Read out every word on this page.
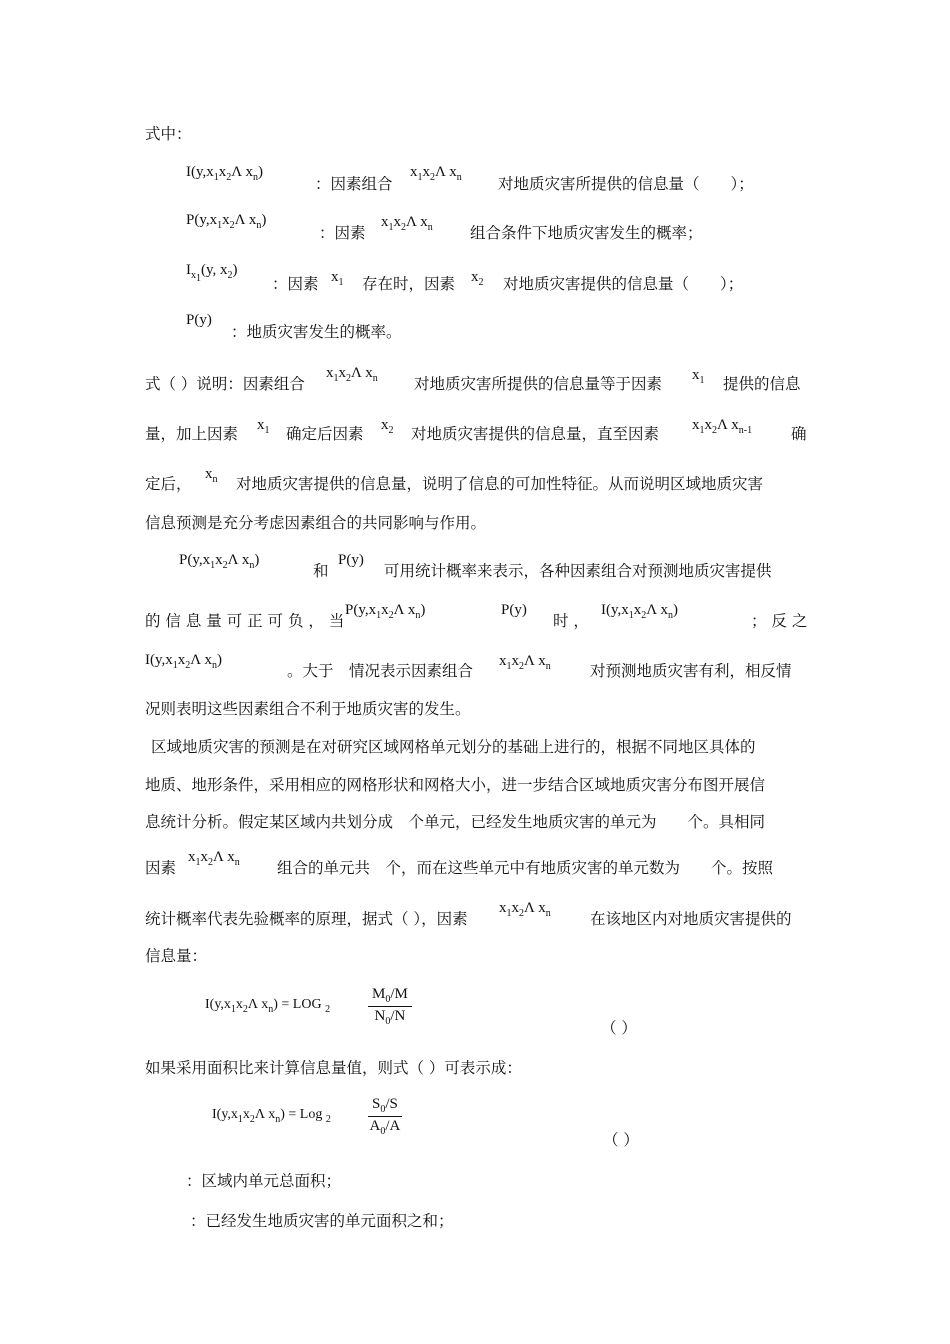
式中：
$I(y,x_1x_2\Lambda$ $x_n$)
：因素组合
$x_1x_2\Lambda$ $x_n$ 对地质灾害所提供的信息量（　　）；
$P(y,x_1x_2\Lambda$ $x_n$)
：因素
$x_1x_2\Lambda$ $x_n$ 组合条件下地质灾害发生的概率；
$I_{x_1}(y$, $x_2$)
：因素 $x_1$ 存在时，因素 $x_2$ 对地质灾害提供的信息量（　　）；
P(y)
：地质灾害发生的概率。
式（ ）说明：因素组合
$x_1x_2\Lambda$ $x_n$ 对地质灾害所提供的信息量等于因素 $x_1$ 提供的信息
量，加上因素 $x_1$ 确定后因素 $x_2$ 对地质灾害提供的信息量，直至因素 $x_1x_2\Lambda$ $x_{n-1}$	确
定后，
$x_n$ 对地质灾害提供的信息量，说明了信息的可加性特征。从而说明区域地质灾害
信息预测是充分考虑因素组合的共同影响与作用。
$P(y,x_1x_2\Lambda$ $x_n$)
和
P(y)
可用统计概率来表示，各种因素组合对预测地质灾害提供
的 信 息 量 可 正 可 负 ， 当
$P(y,x_1x_2\Lambda$ $x_n$)	P(y)
时 ，
$I(y,x_1x_2\Lambda$ $x_n$)
； 反 之
$I(y,x_1x_2\Lambda$ $x_n$)
。大于　情况表示因素组合
$x_1x_2\Lambda$ $x_n$	对预测地质灾害有利，相反情
况则表明这些因素组合不利于地质灾害的发生。
区域地质灾害的预测是在对研究区域网格单元划分的基础上进行的，根据不同地区具体的
地质、地形条件，采用相应的网格形状和网格大小，进一步结合区域地质灾害分布图开展信
息统计分析。假定某区域内共划分成　个单元，已经发生地质灾害的单元为　　个。具相同
因素
$x_1x_2\Lambda$ $x_n$ 组合的单元共　个，而在这些单元中有地质灾害的单元数为　　个。按照
统计概率代表先验概率的原理，据式（ ），因素
$x_1x_2\Lambda$ $x_n$	在该地区内对地质灾害提供的
信息量：
$I(y,x_1x_2\Lambda$ $x_n$) = LOG $_2$	$\frac{M_0/M}{N_0/N}$
（ ）
如果采用面积比来计算信息量值，则式（ ）可表示成：
$I(y,x_1x_2\Lambda$ $x_n$) = Log $_2 \frac{S_0/S}{A_0/A}$
（ ）
：区域内单元总面积；
：已经发生地质灾害的单元面积之和；
